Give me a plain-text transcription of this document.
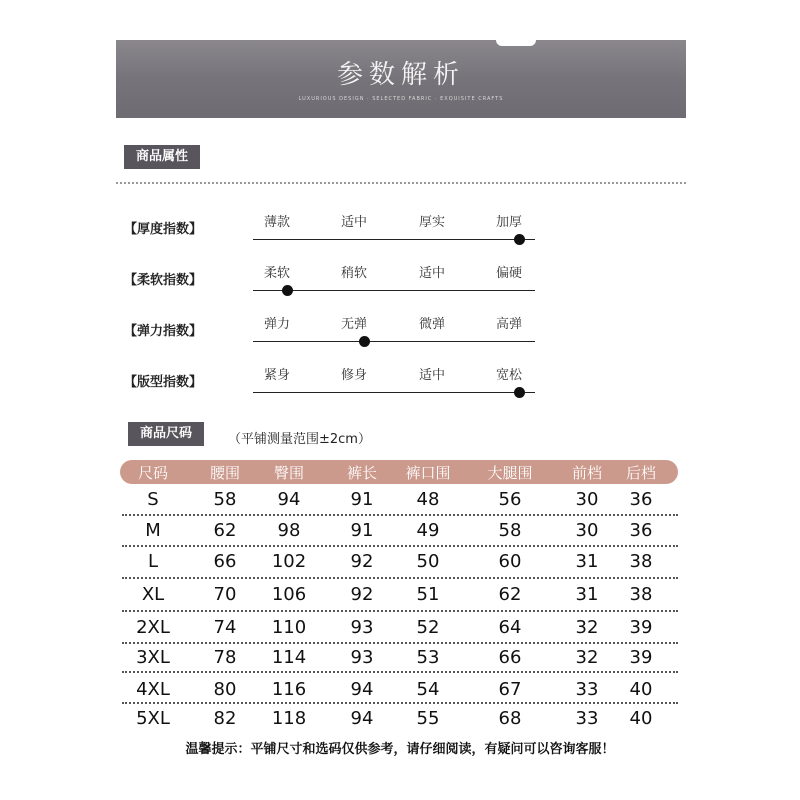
参数解析
LUXURIOUS DESIGN · SELECTED FABRIC · EXQUISITE CRAFTS
商品属性
【厚度指数】	薄款	适中	厚实	加厚
【柔软指数】	柔软	稍软	适中	偏硬
【弹力指数】	弹力	无弹	微弹	高弹
【版型指数】	紧身	修身	适中	宽松
商品尺码	（平铺测量范围±2cm）
尺码	腰围	臀围	裤长	裤口围	大腿围	前档	后档
S	58	94	91	48	56	30	36
M	62	98	91	49	58	30	36
L	66	102	92	50	60	31	38
XL	70	106	92	51	62	31	38
2XL	74	110	93	52	64	32	39
3XL	78	114	93	53	66	32	39
4XL	80	116	94	54	67	33	40
5XL	82	118	94	55	68	33	40
温馨提示：平铺尺寸和选码仅供参考，请仔细阅读，有疑问可以咨询客服！
